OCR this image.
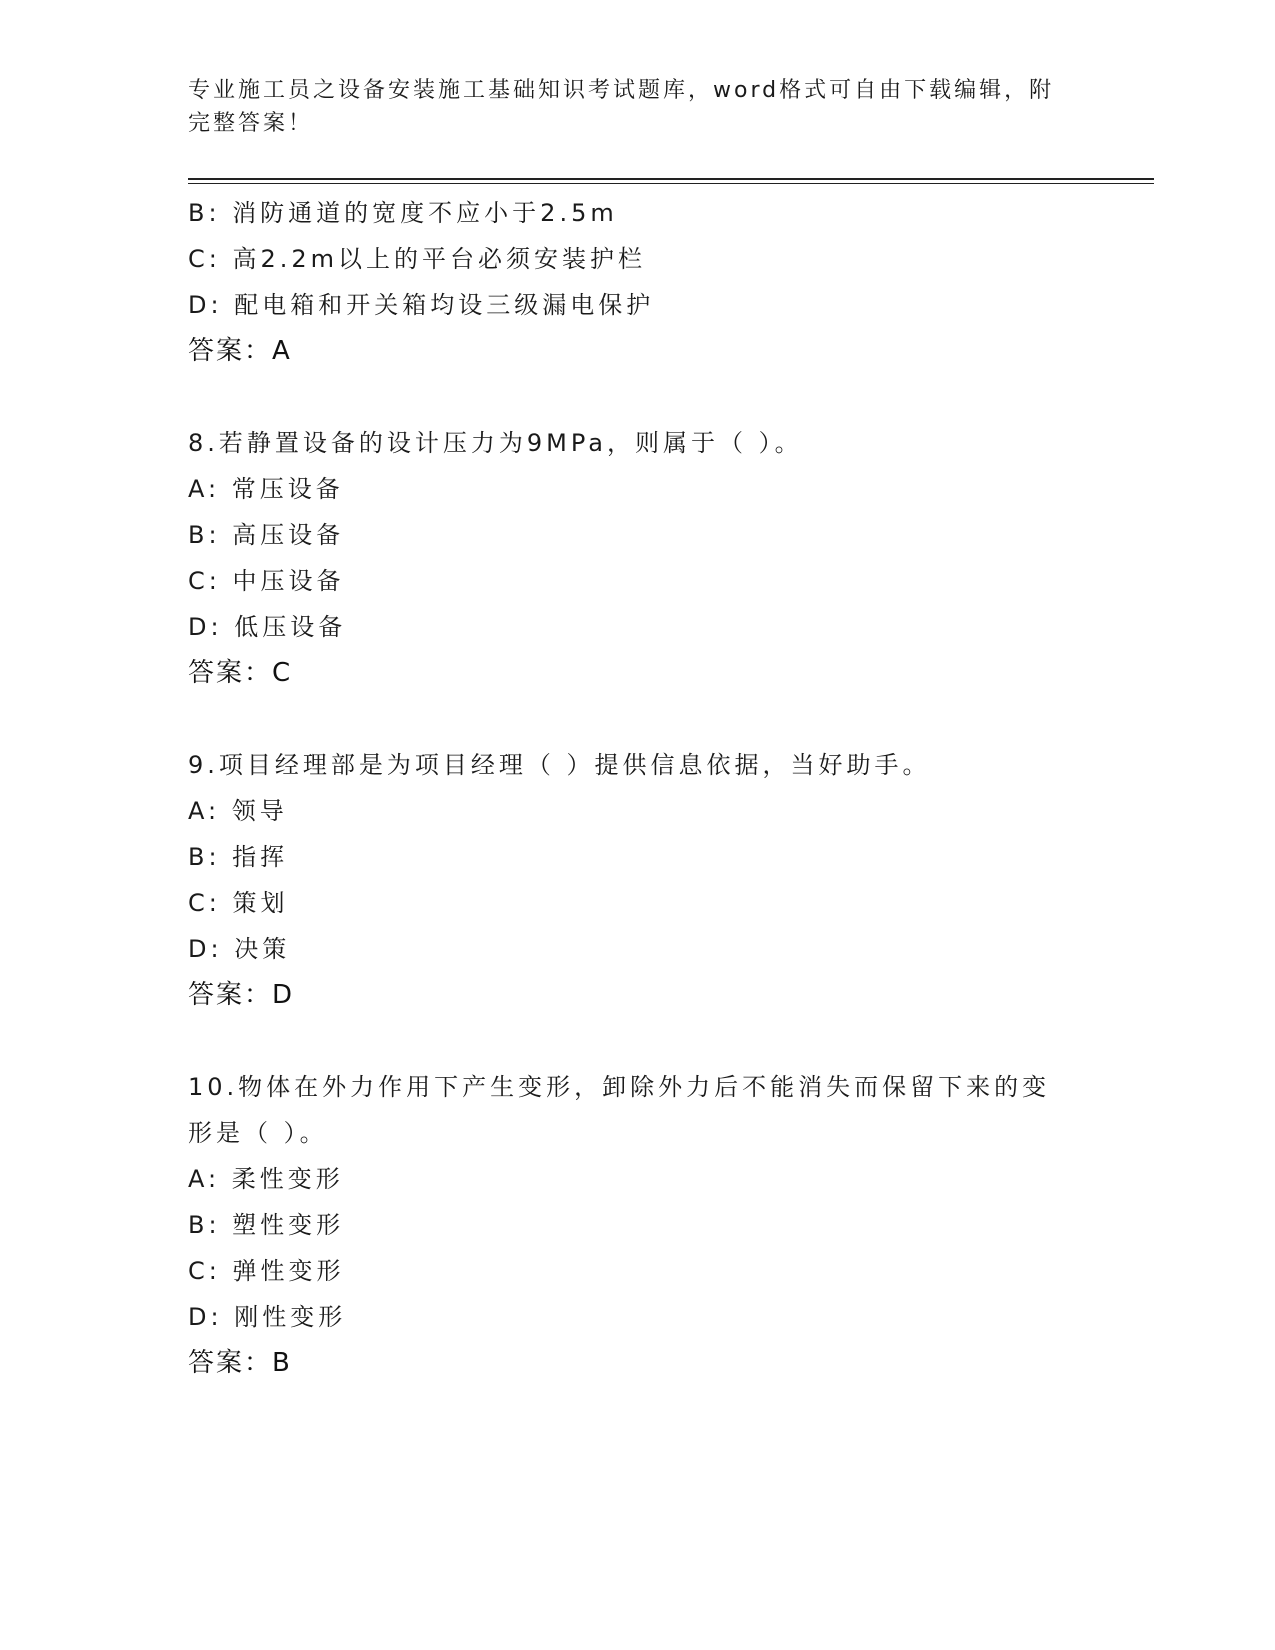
专业施工员之设备安装施工基础知识考试题库，word格式可自由下载编辑，附完整答案！
B: 消防通道的宽度不应小于2.5m
C: 高2.2m以上的平台必须安装护栏
D: 配电箱和开关箱均设三级漏电保护
答案：A
8.若静置设备的设计压力为9MPa，则属于（ ）。
A: 常压设备
B: 高压设备
C: 中压设备
D: 低压设备
答案：C
9.项目经理部是为项目经理（ ）提供信息依据，当好助手。
A: 领导
B: 指挥
C: 策划
D: 决策
答案：D
10.物体在外力作用下产生变形，卸除外力后不能消失而保留下来的变
形是（ ）。
A: 柔性变形
B: 塑性变形
C: 弹性变形
D: 刚性变形
答案：B
